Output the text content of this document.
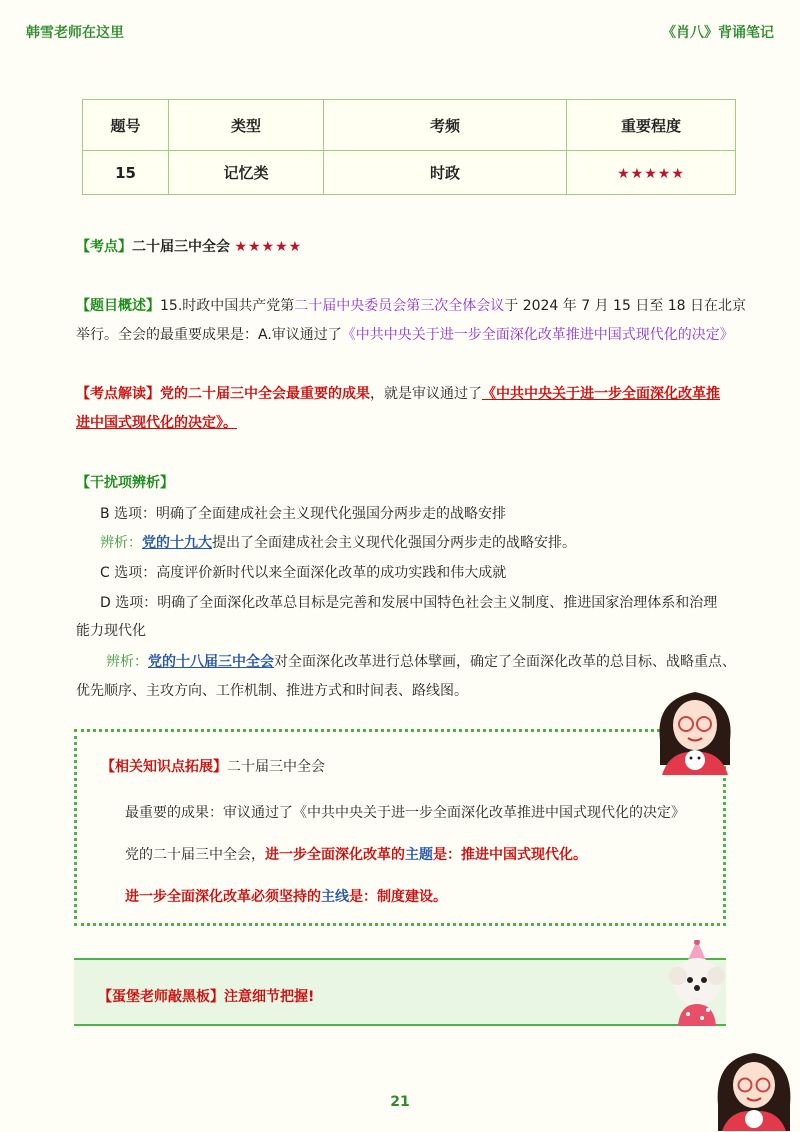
韩雪老师在这里	《肖八》背诵笔记
题号	类型	考频	重要程度
15	记忆类	时政	★★★★★
【考点】二十届三中全会 ★★★★★
【题目概述】15.时政中国共产党第二十届中央委员会第三次全体会议于 2024 年 7 月 15 日至 18 日在北京
举行。全会的最重要成果是：A.审议通过了《中共中央关于进一步全面深化改革推进中国式现代化的决定》
【考点解读】党的二十届三中全会最重要的成果，就是审议通过了《中共中央关于进一步全面深化改革推
进中国式现代化的决定》。
【干扰项辨析】
B 选项：明确了全面建成社会主义现代化强国分两步走的战略安排
辨析：党的十九大提出了全面建成社会主义现代化强国分两步走的战略安排。
C 选项：高度评价新时代以来全面深化改革的成功实践和伟大成就
D 选项：明确了全面深化改革总目标是完善和发展中国特色社会主义制度、推进国家治理体系和治理
能力现代化
辨析：党的十八届三中全会对全面深化改革进行总体擘画，确定了全面深化改革的总目标、战略重点、
优先顺序、主攻方向、工作机制、推进方式和时间表、路线图。
【相关知识点拓展】二十届三中全会
最重要的成果：审议通过了《中共中央关于进一步全面深化改革推进中国式现代化的决定》
党的二十届三中全会，进一步全面深化改革的主题是：推进中国式现代化。
进一步全面深化改革必须坚持的主线是：制度建设。
【蛋堡老师敲黑板】注意细节把握!
21
